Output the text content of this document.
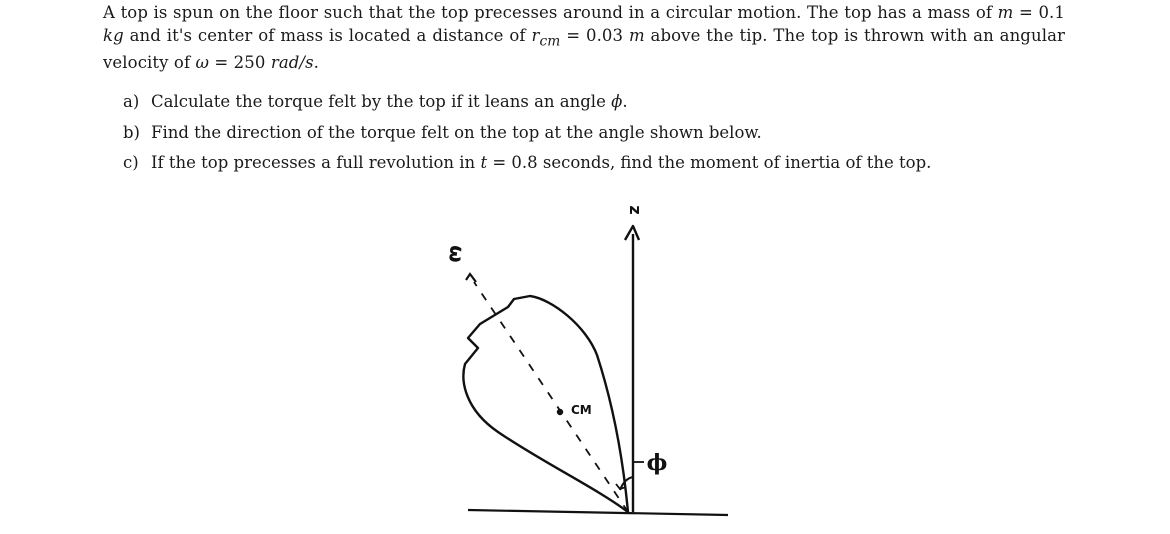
A top is spun on the floor such that the top precesses around in a circular motion. The top has a mass of m = 0.1 kg and it's center of mass is located a distance of $r_{cm} = 0.03$ m above the tip. The top is thrown with an angular velocity of ω = 250 rad/s.
a) Calculate the torque felt by the top if it leans an angle ϕ.
b) Find the direction of the torque felt on the top at the angle shown below.
c) If the top precesses a full revolution in t = 0.8 seconds, find the moment of inertia of the top.
z
ω
CM
ϕ
